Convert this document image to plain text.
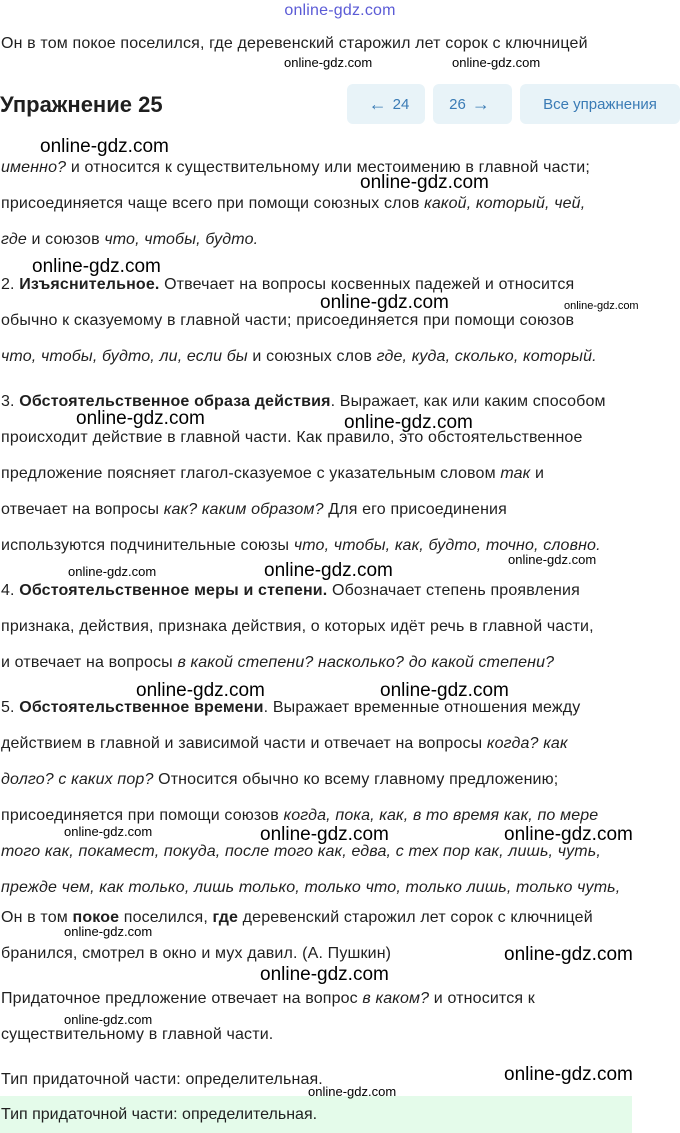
online-gdz.com
Он в том покое поселился, где деревенский старожил лет сорок с ключницей
Упражнение 25	← 24	26 →	Все упражнения
именно? и относится к существительному или местоимению в главной части;
присоединяется чаще всего при помощи союзных слов какой, который, чей,
где и союзов что, чтобы, будто.
2. Изъяснительное. Отвечает на вопросы косвенных падежей и относится
обычно к сказуемому в главной части; присоединяется при помощи союзов
что, чтобы, будто, ли, если бы и союзных слов где, куда, сколько, который.
3. Обстоятельственное образа действия. Выражает, как или каким способом
происходит действие в главной части. Как правило, это обстоятельственное
предложение поясняет глагол-сказуемое с указательным словом так и
отвечает на вопросы как? каким образом? Для его присоединения
используются подчинительные союзы что, чтобы, как, будто, точно, словно.
4. Обстоятельственное меры и степени. Обозначает степень проявления
признака, действия, признака действия, о которых идёт речь в главной части,
и отвечает на вопросы в какой степени? насколько? до какой степени?
5. Обстоятельственное времени. Выражает временные отношения между
действием в главной и зависимой части и отвечает на вопросы когда? как
долго? с каких пор? Относится обычно ко всему главному предложению;
присоединяется при помощи союзов когда, пока, как, в то время как, по мере
того как, покамест, покуда, после того как, едва, с тех пор как, лишь, чуть,
прежде чем, как только, лишь только, только что, только лишь, только чуть,
Он в том покое поселился, где деревенский старожил лет сорок с ключницей
бранился, смотрел в окно и мух давил. (А. Пушкин)
Придаточное предложение отвечает на вопрос в каком? и относится к
существительному в главной части.
Тип придаточной части: определительная.
Тип придаточной части: определительная.
online-gdz.com	online-gdz.com
online-gdz.com
online-gdz.com
online-gdz.com
online-gdz.com	online-gdz.com
online-gdz.com	online-gdz.com
online-gdz.com
online-gdz.com	online-gdz.com
online-gdz.com	online-gdz.com
online-gdz.com	online-gdz.com	online-gdz.com
online-gdz.com
online-gdz.com
online-gdz.com
online-gdz.com
online-gdz.com
online-gdz.com
